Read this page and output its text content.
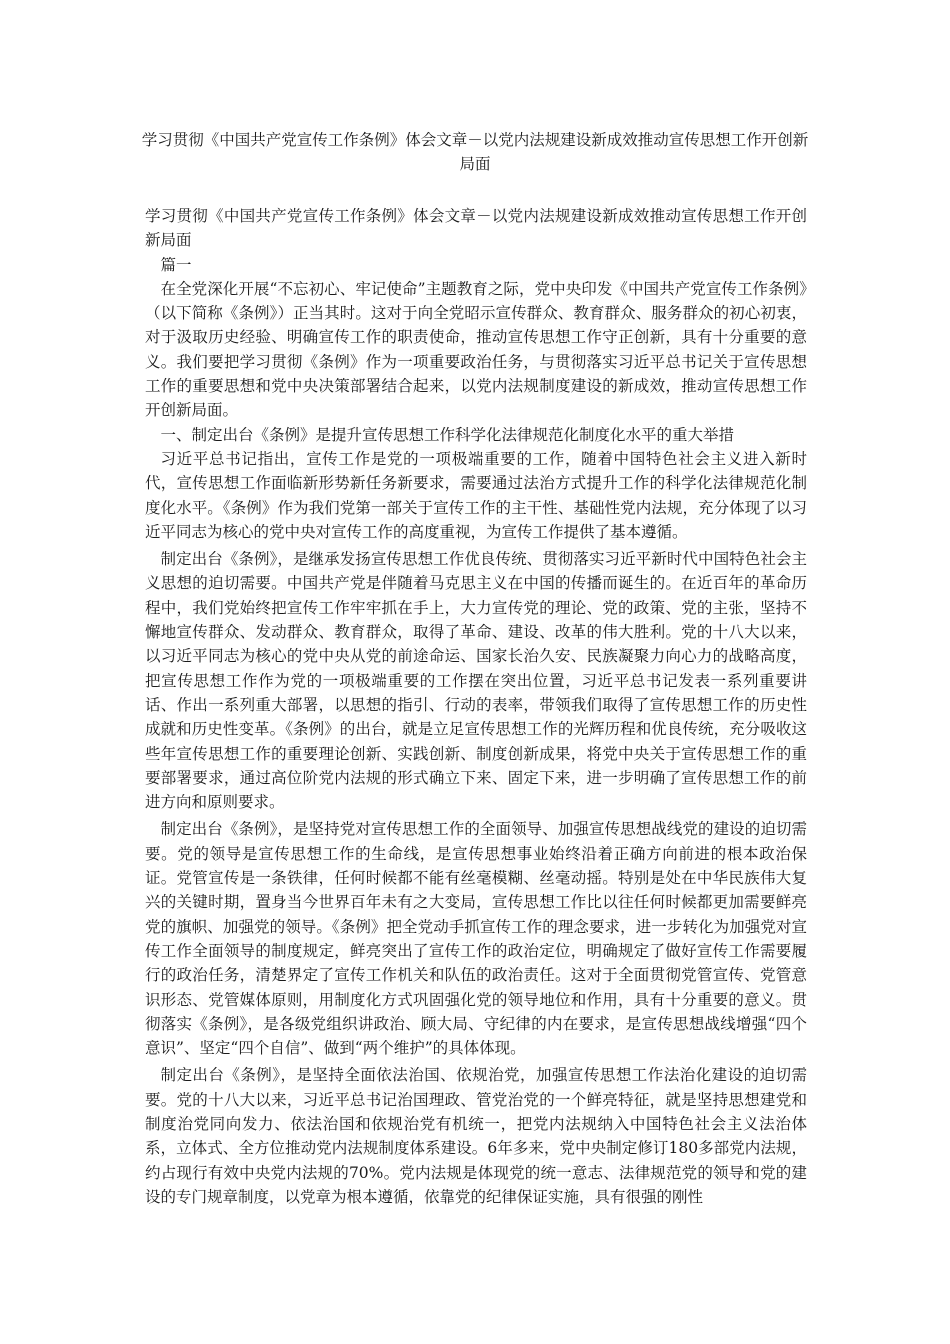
学习贯彻《中国共产党宣传工作条例》体会文章－以党内法规建设新成效推动宣传思想工作开创新局面

学习贯彻《中国共产党宣传工作条例》体会文章－以党内法规建设新成效推动宣传思想工作开创新局面

篇一

在全党深化开展“不忘初心、牢记使命”主题教育之际，党中央印发《中国共产党宣传工作条例》（以下简称《条例》）正当其时。这对于向全党昭示宣传群众、教育群众、服务群众的初心初衷，对于汲取历史经验、明确宣传工作的职责使命，推动宣传思想工作守正创新，具有十分重要的意义。我们要把学习贯彻《条例》作为一项重要政治任务，与贯彻落实习近平总书记关于宣传思想工作的重要思想和党中央决策部署结合起来，以党内法规制度建设的新成效，推动宣传思想工作开创新局面。

一、制定出台《条例》是提升宣传思想工作科学化法律规范化制度化水平的重大举措

习近平总书记指出，宣传工作是党的一项极端重要的工作，随着中国特色社会主义进入新时代，宣传思想工作面临新形势新任务新要求，需要通过法治方式提升工作的科学化法律规范化制度化水平。《条例》作为我们党第一部关于宣传工作的主干性、基础性党内法规，充分体现了以习近平同志为核心的党中央对宣传工作的高度重视，为宣传工作提供了基本遵循。

制定出台《条例》，是继承发扬宣传思想工作优良传统、贯彻落实习近平新时代中国特色社会主义思想的迫切需要。中国共产党是伴随着马克思主义在中国的传播而诞生的。在近百年的革命历程中，我们党始终把宣传工作牢牢抓在手上，大力宣传党的理论、党的政策、党的主张，坚持不懈地宣传群众、发动群众、教育群众，取得了革命、建设、改革的伟大胜利。党的十八大以来，以习近平同志为核心的党中央从党的前途命运、国家长治久安、民族凝聚力向心力的战略高度，把宣传思想工作作为党的一项极端重要的工作摆在突出位置，习近平总书记发表一系列重要讲话、作出一系列重大部署，以思想的指引、行动的表率，带领我们取得了宣传思想工作的历史性成就和历史性变革。《条例》的出台，就是立足宣传思想工作的光辉历程和优良传统，充分吸收这些年宣传思想工作的重要理论创新、实践创新、制度创新成果，将党中央关于宣传思想工作的重要部署要求，通过高位阶党内法规的形式确立下来、固定下来，进一步明确了宣传思想工作的前进方向和原则要求。

制定出台《条例》，是坚持党对宣传思想工作的全面领导、加强宣传思想战线党的建设的迫切需要。党的领导是宣传思想工作的生命线，是宣传思想事业始终沿着正确方向前进的根本政治保证。党管宣传是一条铁律，任何时候都不能有丝毫模糊、丝毫动摇。特别是处在中华民族伟大复兴的关键时期，置身当今世界百年未有之大变局，宣传思想工作比以往任何时候都更加需要鲜亮党的旗帜、加强党的领导。《条例》把全党动手抓宣传工作的理念要求，进一步转化为加强党对宣传工作全面领导的制度规定，鲜亮突出了宣传工作的政治定位，明确规定了做好宣传工作需要履行的政治任务，清楚界定了宣传工作机关和队伍的政治责任。这对于全面贯彻党管宣传、党管意识形态、党管媒体原则，用制度化方式巩固强化党的领导地位和作用，具有十分重要的意义。贯彻落实《条例》，是各级党组织讲政治、顾大局、守纪律的内在要求，是宣传思想战线增强“四个意识”、坚定“四个自信”、做到“两个维护”的具体体现。

制定出台《条例》，是坚持全面依法治国、依规治党，加强宣传思想工作法治化建设的迫切需要。党的十八大以来，习近平总书记治国理政、管党治党的一个鲜亮特征，就是坚持思想建党和制度治党同向发力、依法治国和依规治党有机统一，把党内法规纳入中国特色社会主义法治体系，立体式、全方位推动党内法规制度体系建设。6年多来，党中央制定修订180多部党内法规，约占现行有效中央党内法规的70%。党内法规是体现党的统一意志、法律规范党的领导和党的建设的专门规章制度，以党章为根本遵循，依靠党的纪律保证实施，具有很强的刚性
